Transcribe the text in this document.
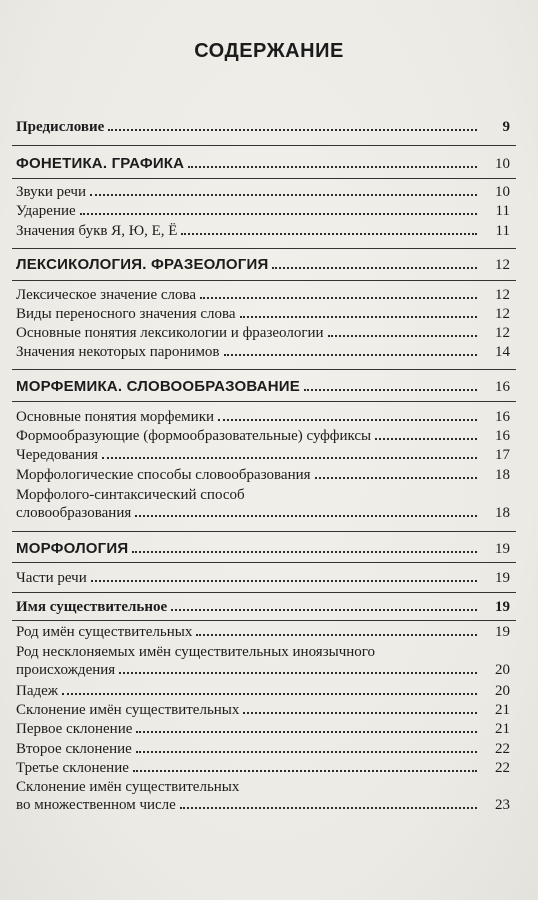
СОДЕРЖАНИЕ
Предисловие	9
ФОНЕТИКА. ГРАФИКА	10
Звуки речи	10
Ударение	11
Значения букв Я, Ю, Е, Ё	11
ЛЕКСИКОЛОГИЯ. ФРАЗЕОЛОГИЯ	12
Лексическое значение слова	12
Виды переносного значения слова	12
Основные понятия лексикологии и фразеологии	12
Значения некоторых паронимов	14
МОРФЕМИКА. СЛОВООБРАЗОВАНИЕ	16
Основные понятия морфемики	16
Формообразующие (формообразовательные) суффиксы	16
Чередования	17
Морфологические способы словообразования	18
Морфолого-синтаксический способ
словообразования	18
МОРФОЛОГИЯ	19
Части речи	19
Имя существительное	19
Род имён существительных	19
Род несклоняемых имён существительных иноязычного
происхождения	20
Падеж	20
Склонение имён существительных	21
Первое склонение	21
Второе склонение	22
Третье склонение	22
Склонение имён существительных
во множественном числе	23
